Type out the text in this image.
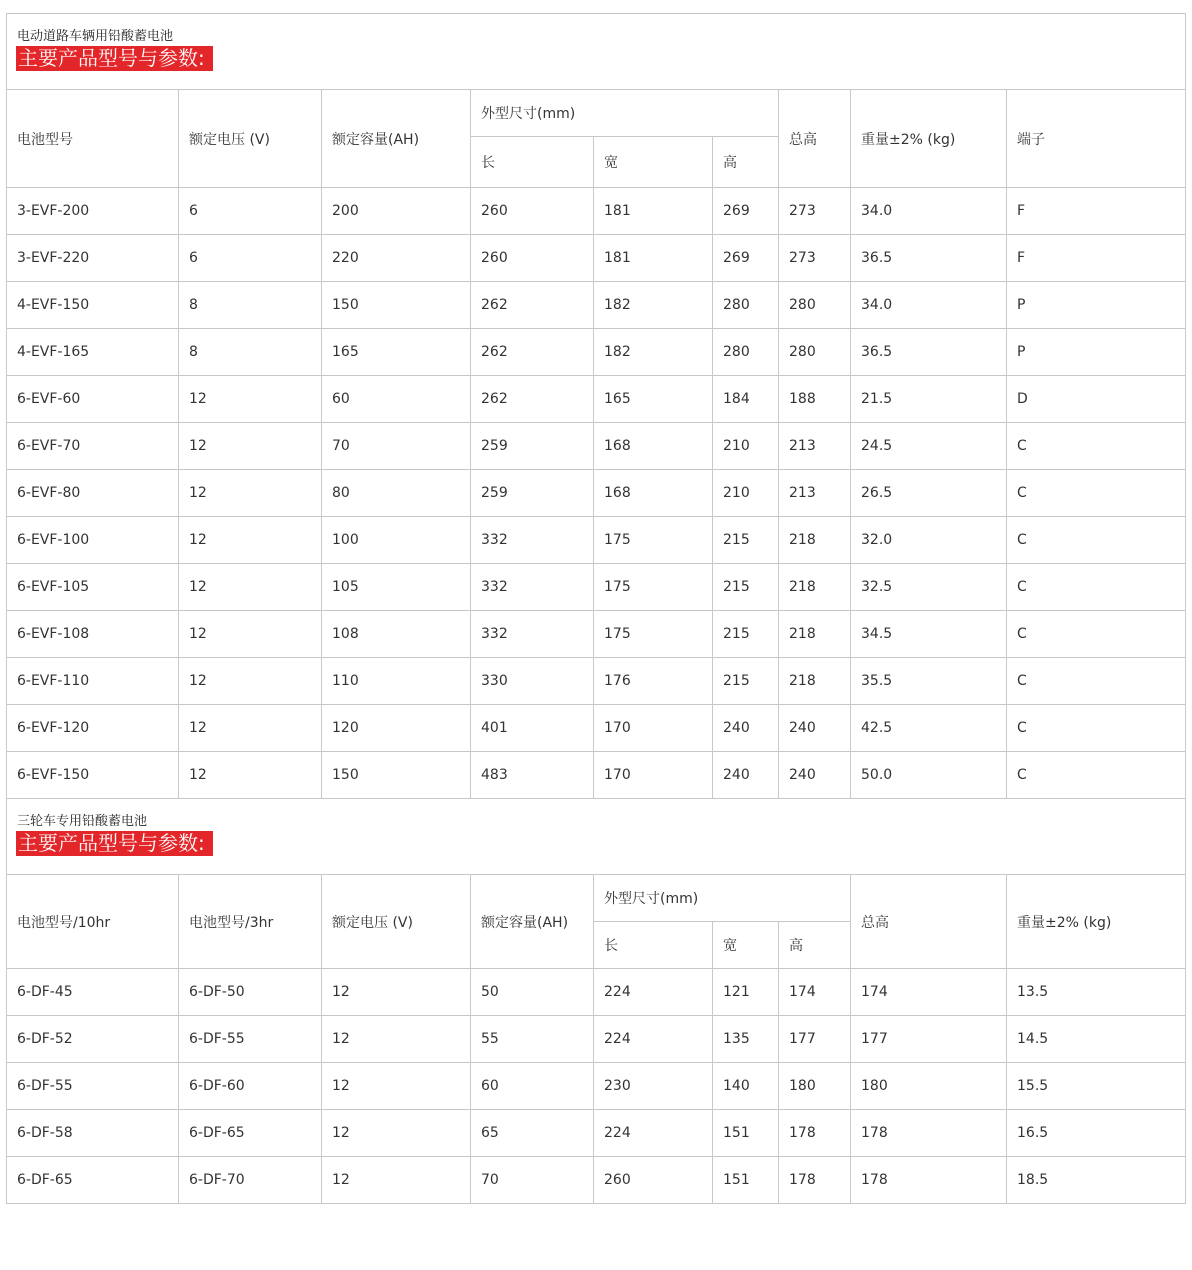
电动道路车辆用铅酸蓄电池
主要产品型号与参数:								
电池型号	额定电压 (V)	额定容量(AH)	外型尺寸(mm)			总高	重量±2% (kg)	端子
			长	宽	高			
3-EVF-200	6	200	260	181	269	273	34.0	F
3-EVF-220	6	220	260	181	269	273	36.5	F
4-EVF-150	8	150	262	182	280	280	34.0	P
4-EVF-165	8	165	262	182	280	280	36.5	P
6-EVF-60	12	60	262	165	184	188	21.5	D
6-EVF-70	12	70	259	168	210	213	24.5	C
6-EVF-80	12	80	259	168	210	213	26.5	C
6-EVF-100	12	100	332	175	215	218	32.0	C
6-EVF-105	12	105	332	175	215	218	32.5	C
6-EVF-108	12	108	332	175	215	218	34.5	C
6-EVF-110	12	110	330	176	215	218	35.5	C
6-EVF-120	12	120	401	170	240	240	42.5	C
6-EVF-150	12	150	483	170	240	240	50.0	C
三轮车专用铅酸蓄电池
主要产品型号与参数:								
电池型号/10hr	电池型号/3hr	额定电压 (V)	额定容量(AH)	外型尺寸(mm)			总高	重量±2% (kg)
				长	宽	高		
6-DF-45	6-DF-50	12	50	224	121	174	174	13.5
6-DF-52	6-DF-55	12	55	224	135	177	177	14.5
6-DF-55	6-DF-60	12	60	230	140	180	180	15.5
6-DF-58	6-DF-65	12	65	224	151	178	178	16.5
6-DF-65	6-DF-70	12	70	260	151	178	178	18.5
